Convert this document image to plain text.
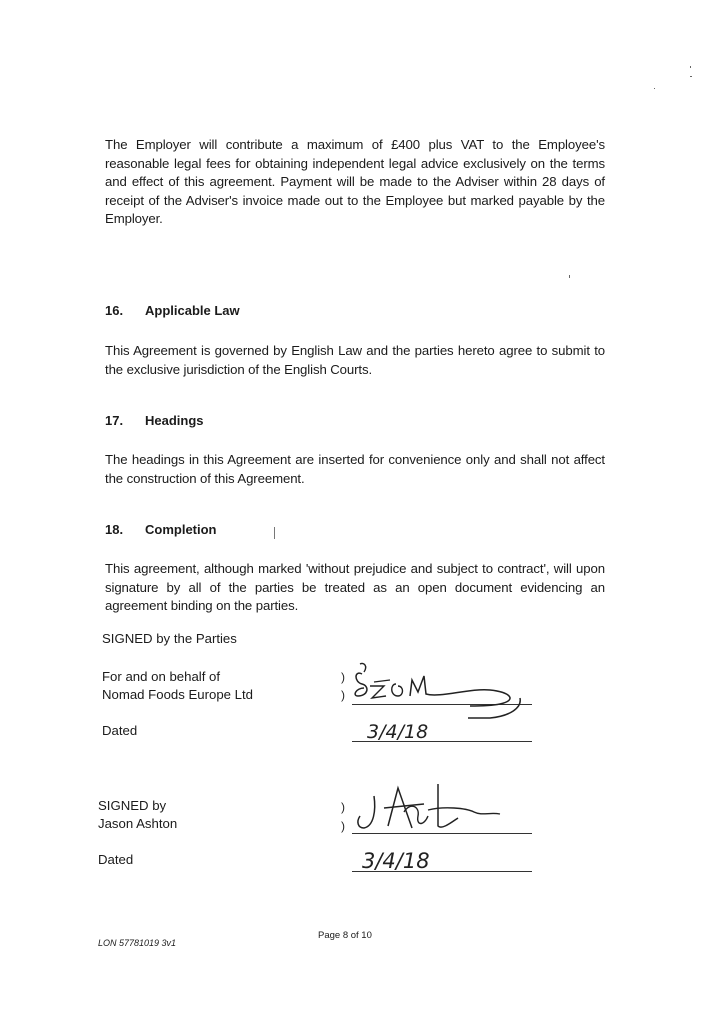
The Employer will contribute a maximum of £400 plus VAT to the Employee's reasonable legal fees for obtaining independent legal advice exclusively on the terms and effect of this agreement. Payment will be made to the Adviser within 28 days of receipt of the Adviser's invoice made out to the Employee but marked payable by the Employer.
16. Applicable Law
This Agreement is governed by English Law and the parties hereto agree to submit to the exclusive jurisdiction of the English Courts.
17. Headings
The headings in this Agreement are inserted for convenience only and shall not affect the construction of this Agreement.
18. Completion
This agreement, although marked 'without prejudice and subject to contract', will upon signature by all of the parties be treated as an open document evidencing an agreement binding on the parties.
SIGNED by the Parties
For and on behalf of
Nomad Foods Europe Ltd
)
)
Dated	3/4/18
SIGNED by
Jason Ashton
)
)
Dated	3/4/18
Page 8 of 10
LON 57781019 3v1
